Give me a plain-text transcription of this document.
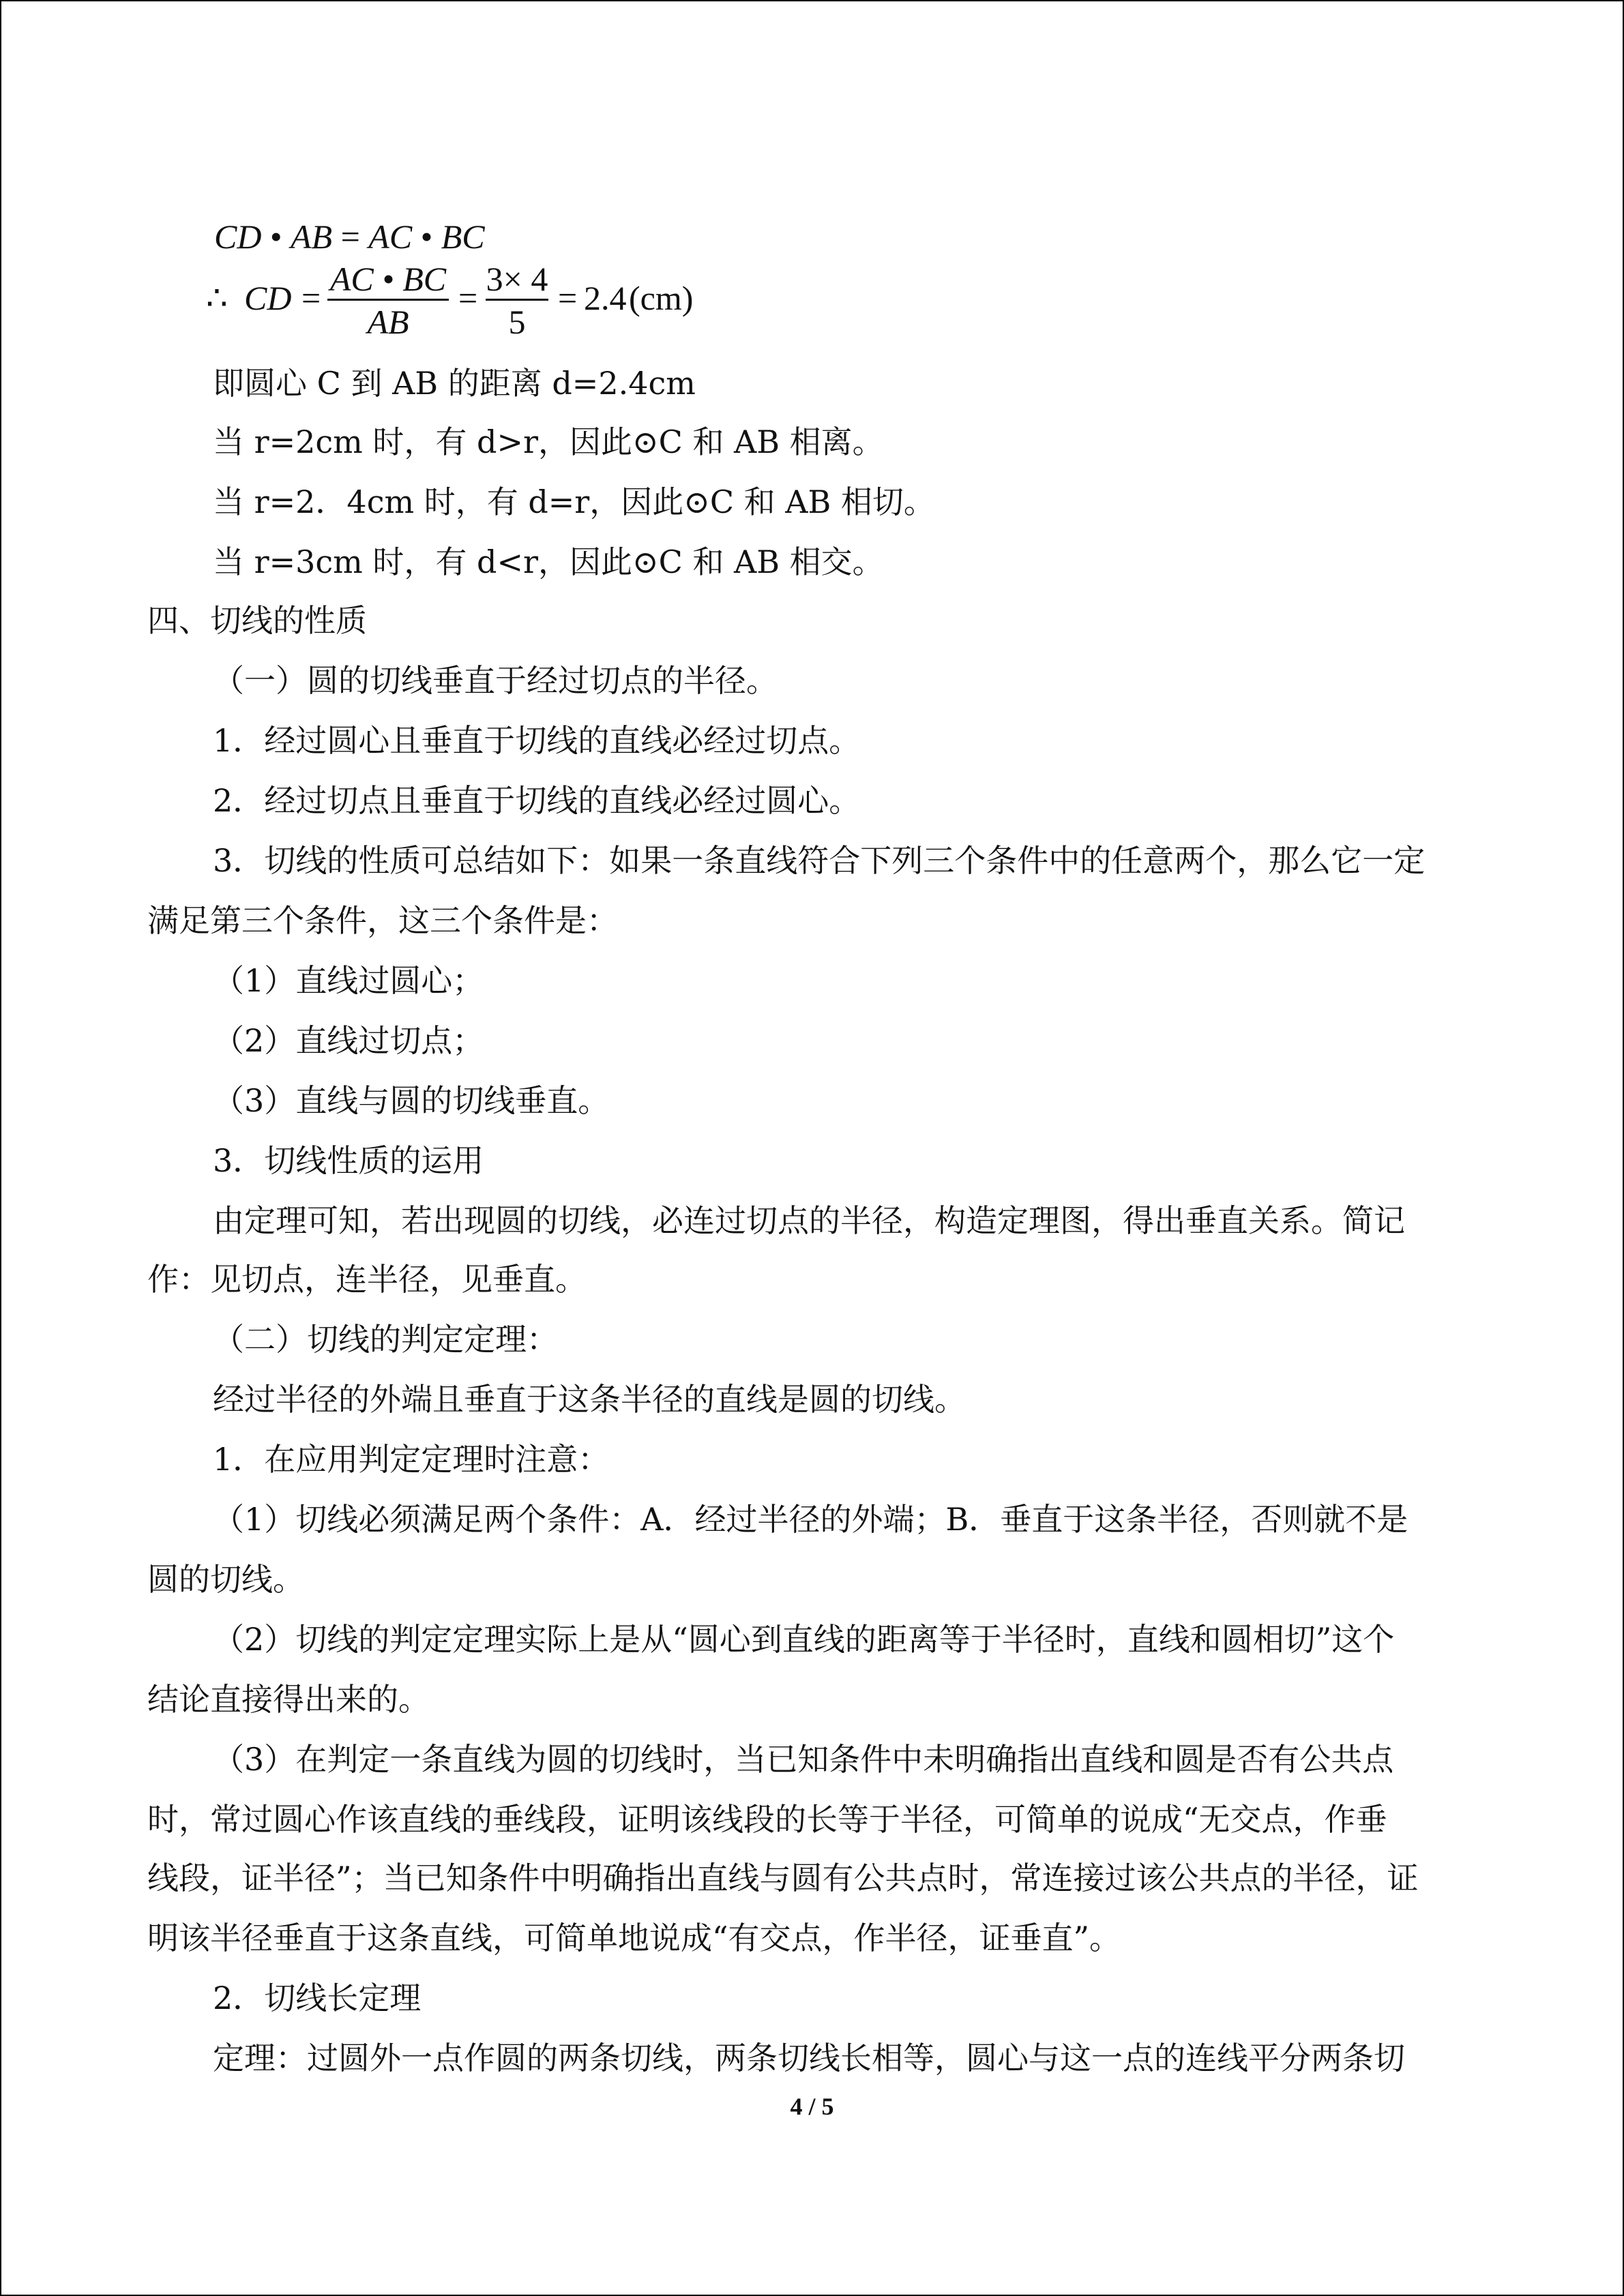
CD • AB = AC • BC
∴ CD = AC • BC
AB
= 3× 4
5
= 2.4 (cm)
即圆心 C 到 AB 的距离 d=2.4cm
当 r=2cm 时，有 d>r，因此⊙C 和 AB 相离。
当 r=2．4cm 时，有 d=r，因此⊙C 和 AB 相切。
当 r=3cm 时，有 d<r，因此⊙C 和 AB 相交。
四、切线的性质
（一）圆的切线垂直于经过切点的半径。
1．经过圆心且垂直于切线的直线必经过切点。
2．经过切点且垂直于切线的直线必经过圆心。
3．切线的性质可总结如下：如果一条直线符合下列三个条件中的任意两个，那么它一定
满足第三个条件，这三个条件是：
（1）直线过圆心；
（2）直线过切点；
（3）直线与圆的切线垂直。
3．切线性质的运用
由定理可知，若出现圆的切线，必连过切点的半径，构造定理图，得出垂直关系。简记
作：见切点，连半径，见垂直。
（二）切线的判定定理：
经过半径的外端且垂直于这条半径的直线是圆的切线。
1．在应用判定定理时注意：
（1）切线必须满足两个条件：A．经过半径的外端；B．垂直于这条半径，否则就不是
圆的切线。
（2）切线的判定定理实际上是从“圆心到直线的距离等于半径时，直线和圆相切”这个
结论直接得出来的。
（3）在判定一条直线为圆的切线时，当已知条件中未明确指出直线和圆是否有公共点
时，常过圆心作该直线的垂线段，证明该线段的长等于半径，可简单的说成“无交点，作垂
线段，证半径”；当已知条件中明确指出直线与圆有公共点时，常连接过该公共点的半径，证
明该半径垂直于这条直线，可简单地说成“有交点，作半径，证垂直”。
2．切线长定理
定理：过圆外一点作圆的两条切线，两条切线长相等，圆心与这一点的连线平分两条切
4 / 5
